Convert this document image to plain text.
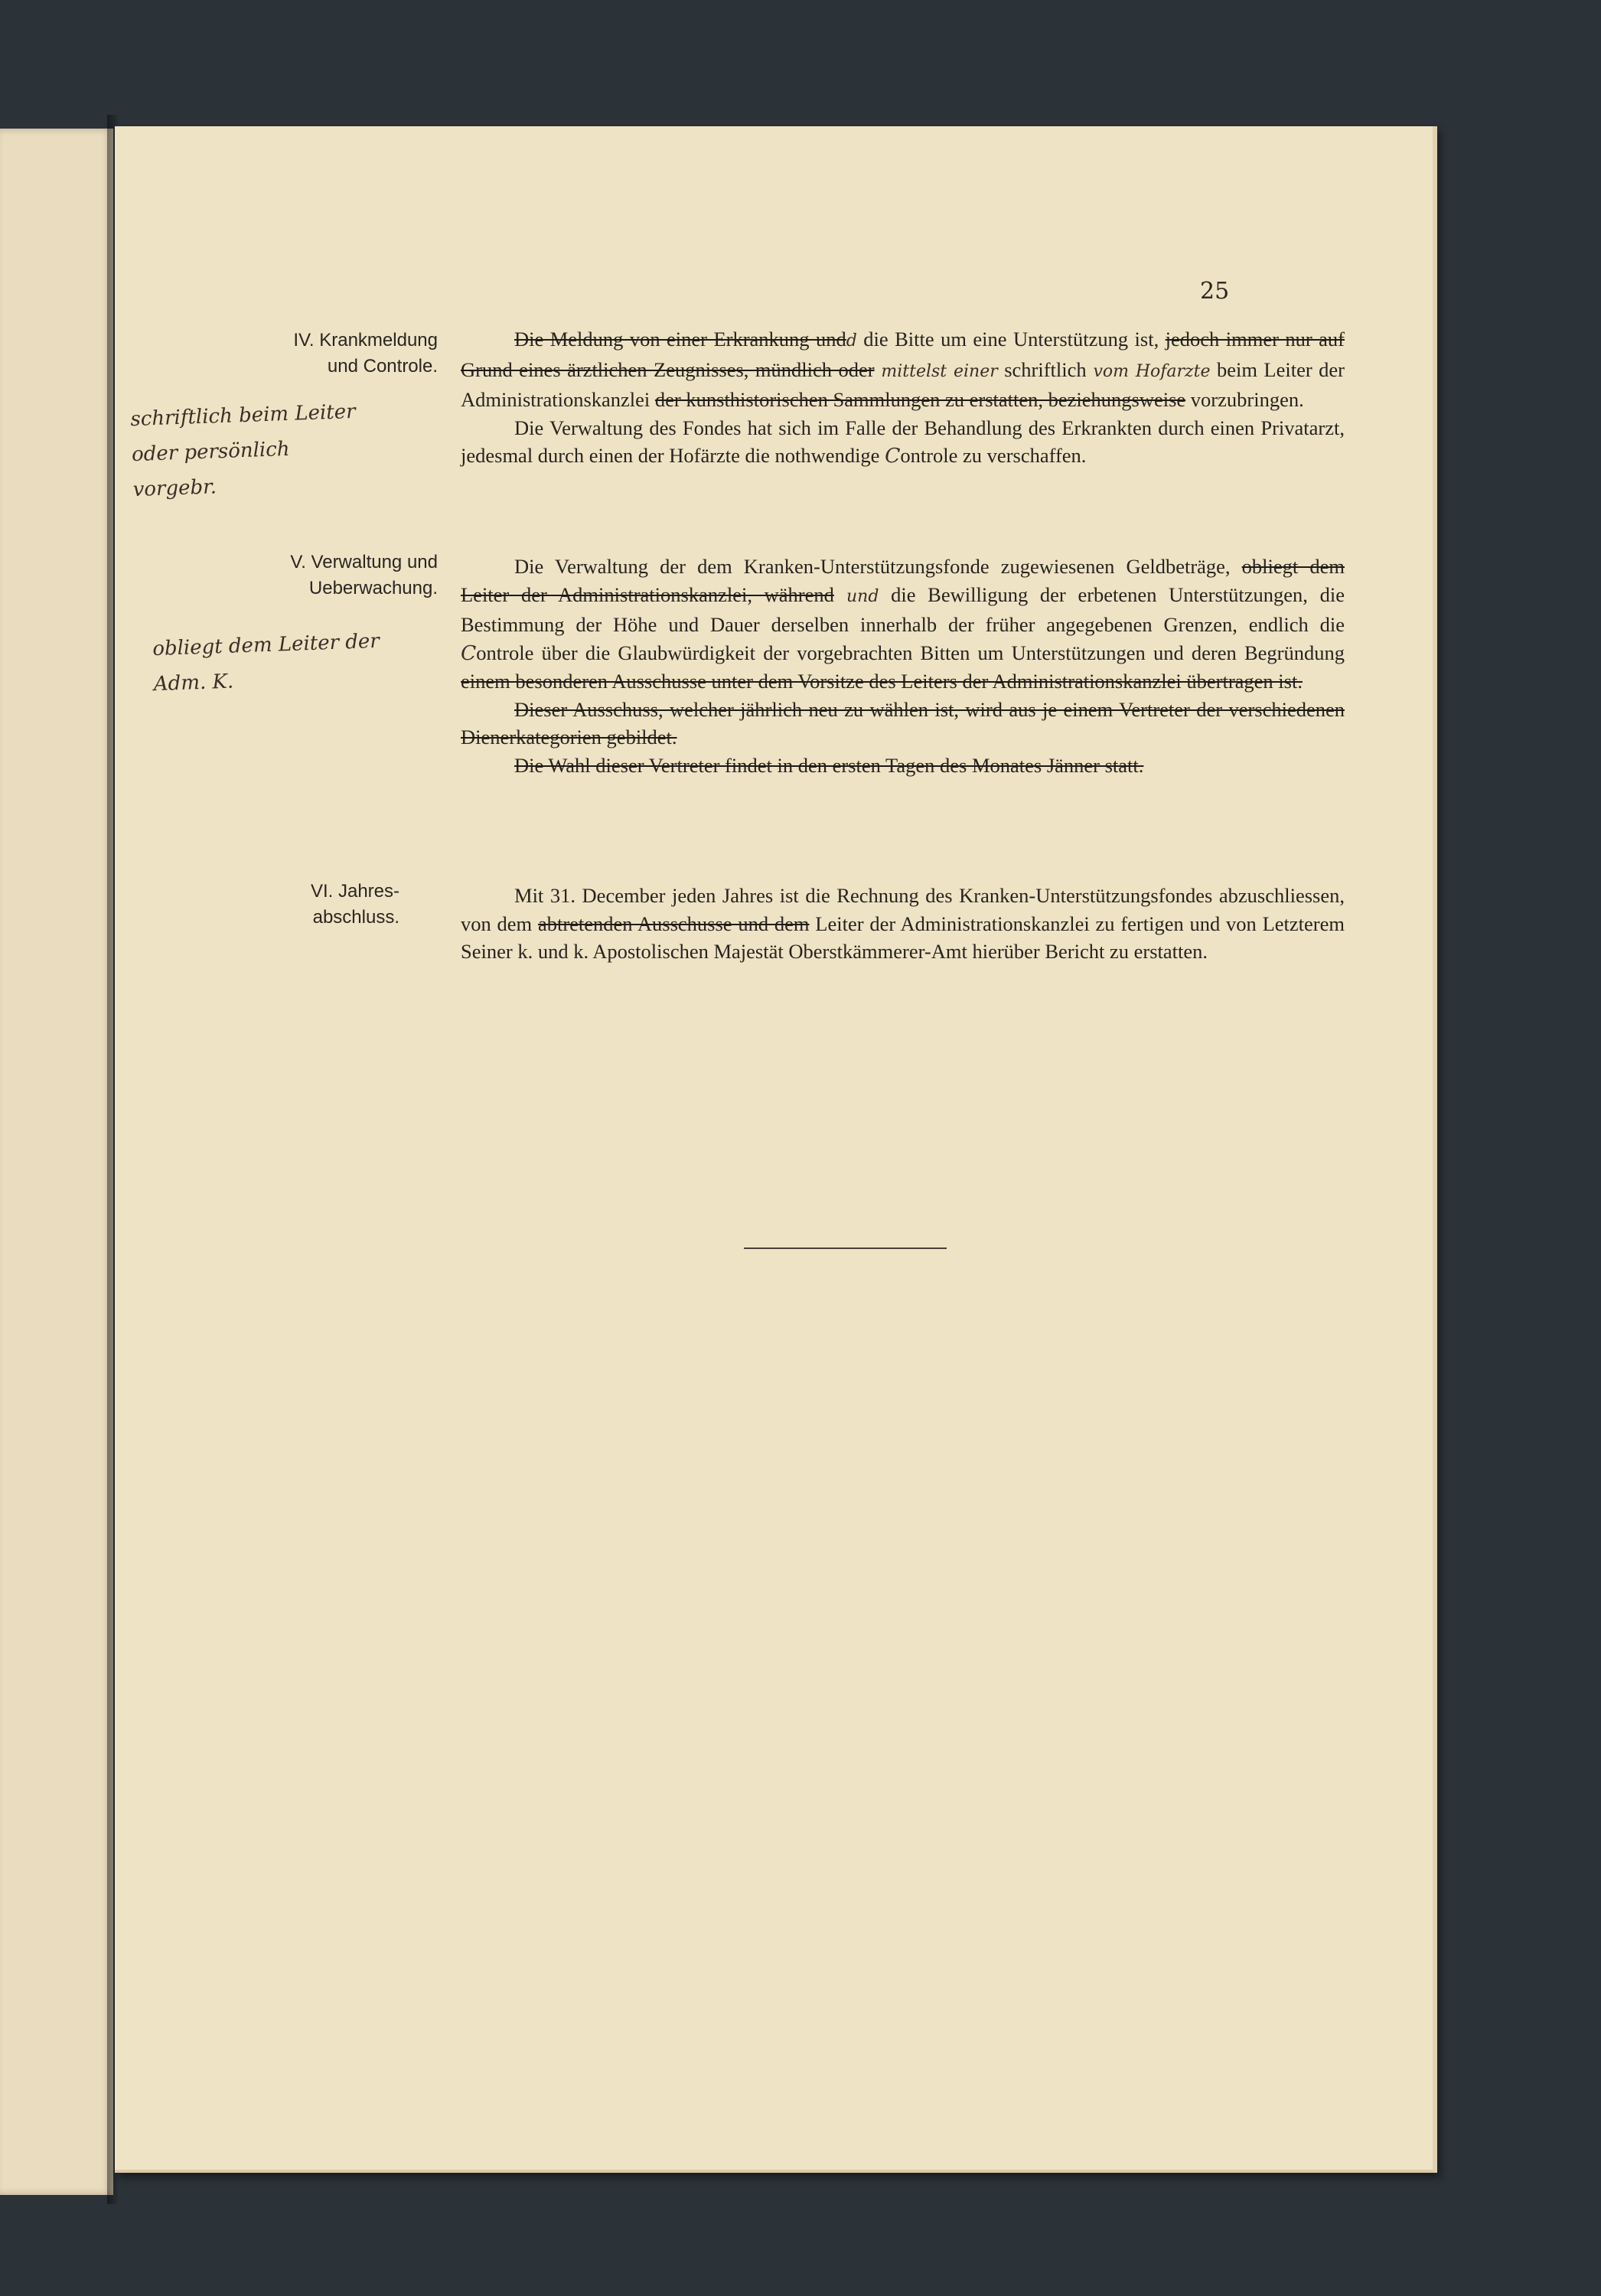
25
IV. Krankmeldung
und Controle.
schriftlich beim Leiter
oder persönlich
vorgebr.

Die Meldung von einer Erkrankung undd die Bitte um eine Unterstützung ist, jedoch immer nur auf Grund eines ärztlichen Zeugnisses, mündlich oder mittelst einer schriftlich vom Hofarzte beim Leiter der Administrationskanzlei der kunsthistorischen Sammlungen zu erstatten, beziehungsweise vorzubringen.

Die Verwaltung des Fondes hat sich im Falle der Behandlung des Erkrankten durch einen Privatarzt, jedesmal durch einen der Hofärzte die nothwendige Controle zu verschaffen.

V. Verwaltung und
Ueberwachung.
obliegt dem Leiter der
Adm. K.

Die Verwaltung der dem Kranken-Unterstützungsfonde zugewiesenen Geldbeträge, obliegt dem Leiter der Administrationskanzlei, während und die Bewilligung der erbetenen Unterstützungen, die Bestimmung der Höhe und Dauer derselben innerhalb der früher angegebenen Grenzen, endlich die Controle über die Glaubwürdigkeit der vorgebrachten Bitten um Unterstützungen und deren Begründung einem besonderen Ausschusse unter dem Vorsitze des Leiters der Administrationskanzlei übertragen ist.

Dieser Ausschuss, welcher jährlich neu zu wählen ist, wird aus je einem Vertreter der verschiedenen Dienerkategorien gebildet.

Die Wahl dieser Vertreter findet in den ersten Tagen des Monates Jänner statt.

VI. Jahres-
abschluss.

Mit 31. December jeden Jahres ist die Rechnung des Kranken-Unterstützungsfondes abzuschliessen, von dem abtretenden Ausschusse und dem Leiter der Administrationskanzlei zu fertigen und von Letzterem Seiner k. und k. Apostolischen Majestät Oberstkämmerer-Amt hierüber Bericht zu erstatten.
